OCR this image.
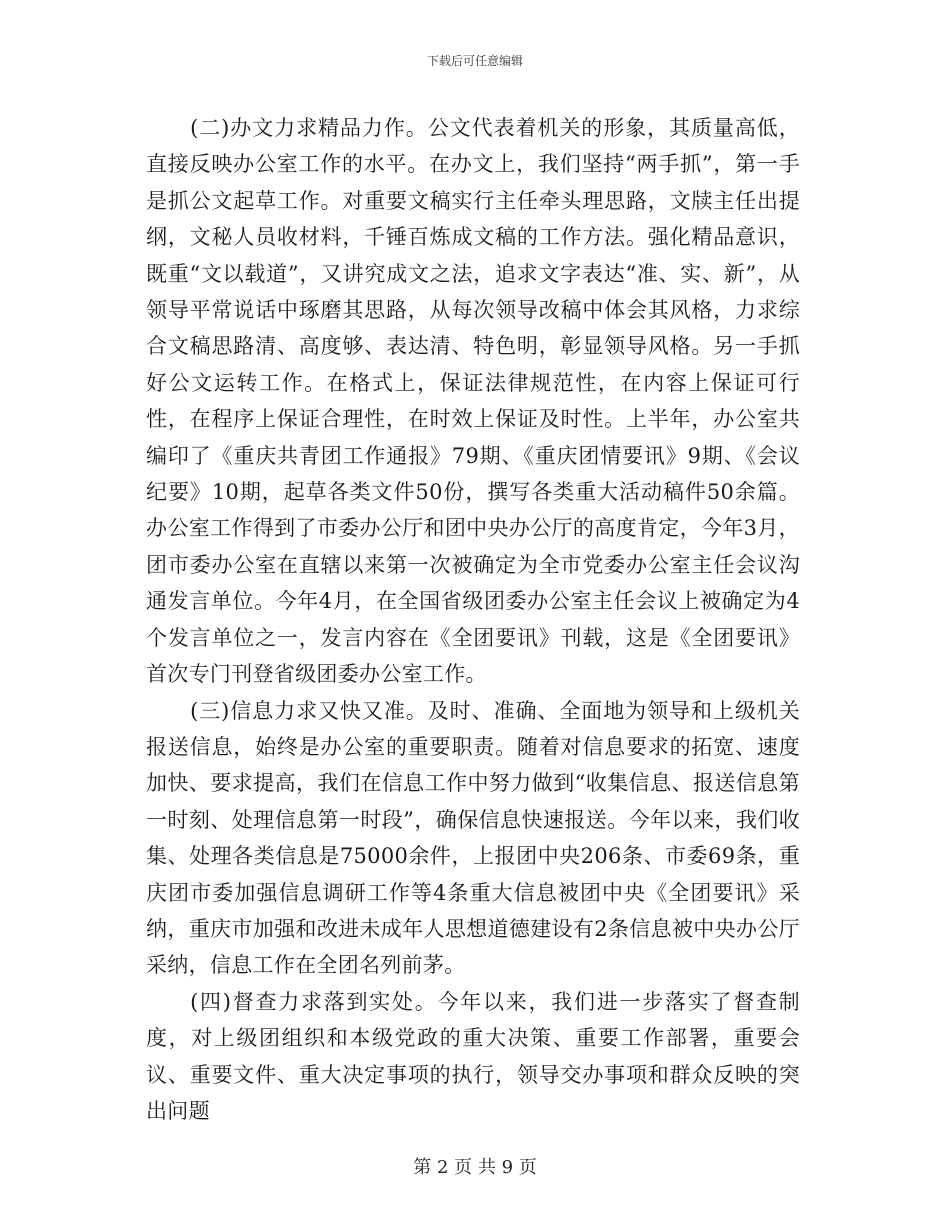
下载后可任意编辑

(二)办文力求精品力作。公文代表着机关的形象，其质量高低，直接反映办公室工作的水平。在办文上，我们坚持“两手抓”，第一手是抓公文起草工作。对重要文稿实行主任牵头理思路，文牍主任出提纲，文秘人员收材料，千锤百炼成文稿的工作方法。强化精品意识，既重“文以载道”，又讲究成文之法，追求文字表达“准、实、新”，从领导平常说话中琢磨其思路，从每次领导改稿中体会其风格，力求综合文稿思路清、高度够、表达清、特色明，彰显领导风格。另一手抓好公文运转工作。在格式上，保证法律规范性，在内容上保证可行性，在程序上保证合理性，在时效上保证及时性。上半年，办公室共编印了《重庆共青团工作通报》79期、《重庆团情要讯》9期、《会议纪要》10期，起草各类文件50份，撰写各类重大活动稿件50余篇。办公室工作得到了市委办公厅和团中央办公厅的高度肯定，今年3月，团市委办公室在直辖以来第一次被确定为全市党委办公室主任会议沟通发言单位。今年4月，在全国省级团委办公室主任会议上被确定为4个发言单位之一，发言内容在《全团要讯》刊载，这是《全团要讯》首次专门刊登省级团委办公室工作。

(三)信息力求又快又准。及时、准确、全面地为领导和上级机关报送信息，始终是办公室的重要职责。随着对信息要求的拓宽、速度加快、要求提高，我们在信息工作中努力做到“收集信息、报送信息第一时刻、处理信息第一时段”，确保信息快速报送。今年以来，我们收集、处理各类信息是75000余件，上报团中央206条、市委69条，重庆团市委加强信息调研工作等4条重大信息被团中央《全团要讯》采纳，重庆市加强和改进未成年人思想道德建设有2条信息被中央办公厅采纳，信息工作在全团名列前茅。

(四)督查力求落到实处。今年以来，我们进一步落实了督查制度，对上级团组织和本级党政的重大决策、重要工作部署，重要会议、重要文件、重大决定事项的执行，领导交办事项和群众反映的突出问题

第 2 页 共 9 页
